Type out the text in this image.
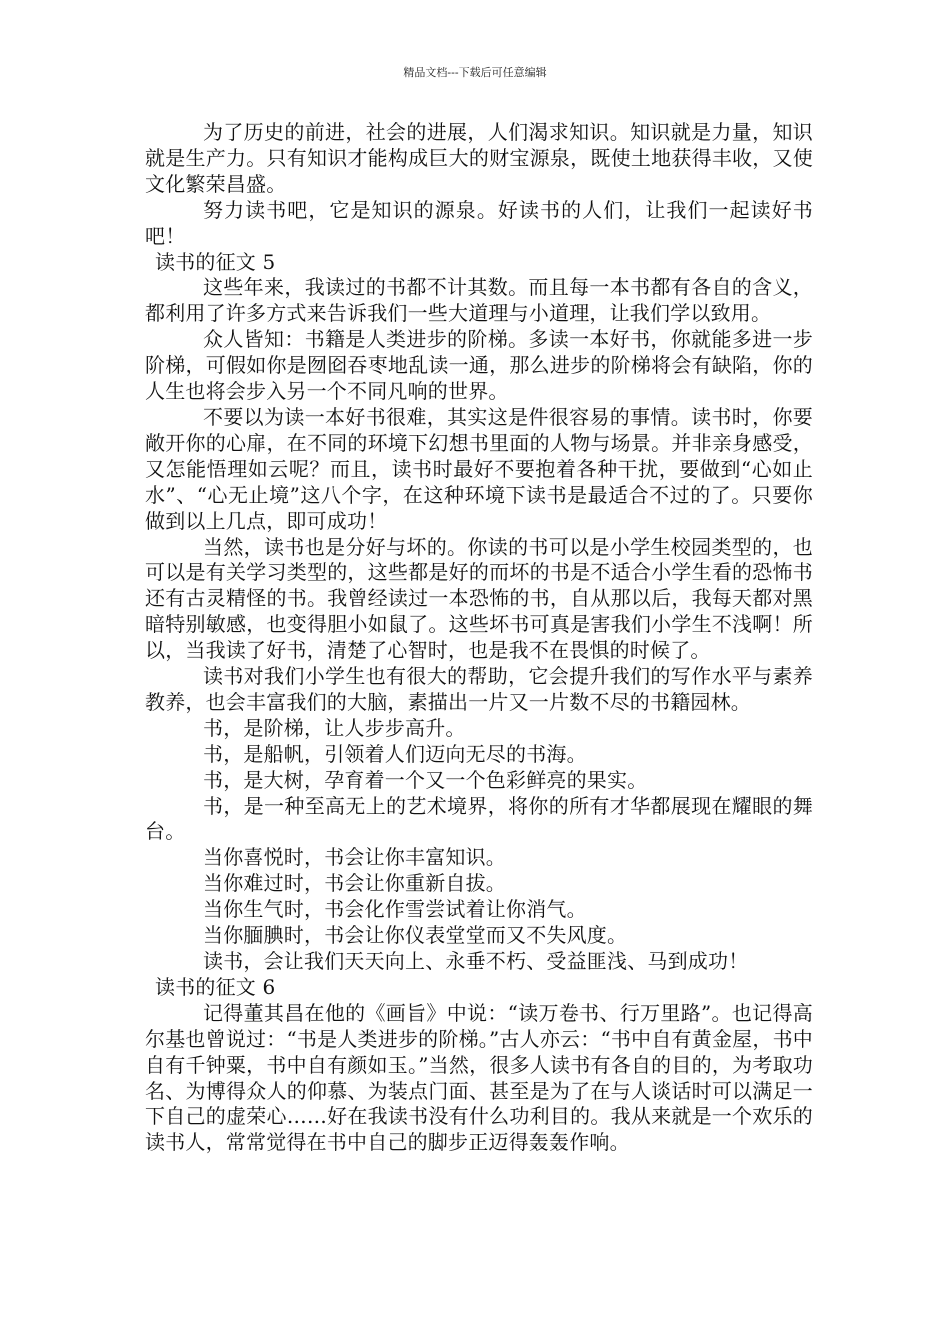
精品文档---下载后可任意编辑

为了历史的前进，社会的进展，人们渴求知识。知识就是力量，知识就是生产力。只有知识才能构成巨大的财宝源泉，既使土地获得丰收，又使文化繁荣昌盛。

努力读书吧，它是知识的源泉。好读书的人们，让我们一起读好书吧！

读书的征文 5

这些年来，我读过的书都不计其数。而且每一本书都有各自的含义，都利用了许多方式来告诉我们一些大道理与小道理，让我们学以致用。

众人皆知：书籍是人类进步的阶梯。多读一本好书，你就能多进一步阶梯，可假如你是囫囵吞枣地乱读一通，那么进步的阶梯将会有缺陷，你的人生也将会步入另一个不同凡响的世界。

不要以为读一本好书很难，其实这是件很容易的事情。读书时，你要敞开你的心扉，在不同的环境下幻想书里面的人物与场景。并非亲身感受，又怎能悟理如云呢？而且，读书时最好不要抱着各种干扰，要做到“心如止水”、“心无止境”这八个字，在这种环境下读书是最适合不过的了。只要你做到以上几点，即可成功！

当然，读书也是分好与坏的。你读的书可以是小学生校园类型的，也可以是有关学习类型的，这些都是好的而坏的书是不适合小学生看的恐怖书还有古灵精怪的书。我曾经读过一本恐怖的书，自从那以后，我每天都对黑暗特别敏感，也变得胆小如鼠了。这些坏书可真是害我们小学生不浅啊！所以，当我读了好书，清楚了心智时，也是我不在畏惧的时候了。

读书对我们小学生也有很大的帮助，它会提升我们的写作水平与素养教养，也会丰富我们的大脑，素描出一片又一片数不尽的书籍园林。

书，是阶梯，让人步步高升。

书，是船帆，引领着人们迈向无尽的书海。

书，是大树，孕育着一个又一个色彩鲜亮的果实。

书，是一种至高无上的艺术境界，将你的所有才华都展现在耀眼的舞台。

当你喜悦时，书会让你丰富知识。

当你难过时，书会让你重新自拔。

当你生气时，书会化作雪尝试着让你消气。

当你腼腆时，书会让你仪表堂堂而又不失风度。

读书，会让我们天天向上、永垂不朽、受益匪浅、马到成功！

读书的征文 6

记得董其昌在他的《画旨》中说：“读万卷书、行万里路”。也记得高尔基也曾说过：“书是人类进步的阶梯。”古人亦云：“书中自有黄金屋，书中自有千钟粟，书中自有颜如玉。”当然，很多人读书有各自的目的，为考取功名、为博得众人的仰慕、为装点门面、甚至是为了在与人谈话时可以满足一下自己的虚荣心……好在我读书没有什么功利目的。我从来就是一个欢乐的读书人，常常觉得在书中自己的脚步正迈得轰轰作响。
